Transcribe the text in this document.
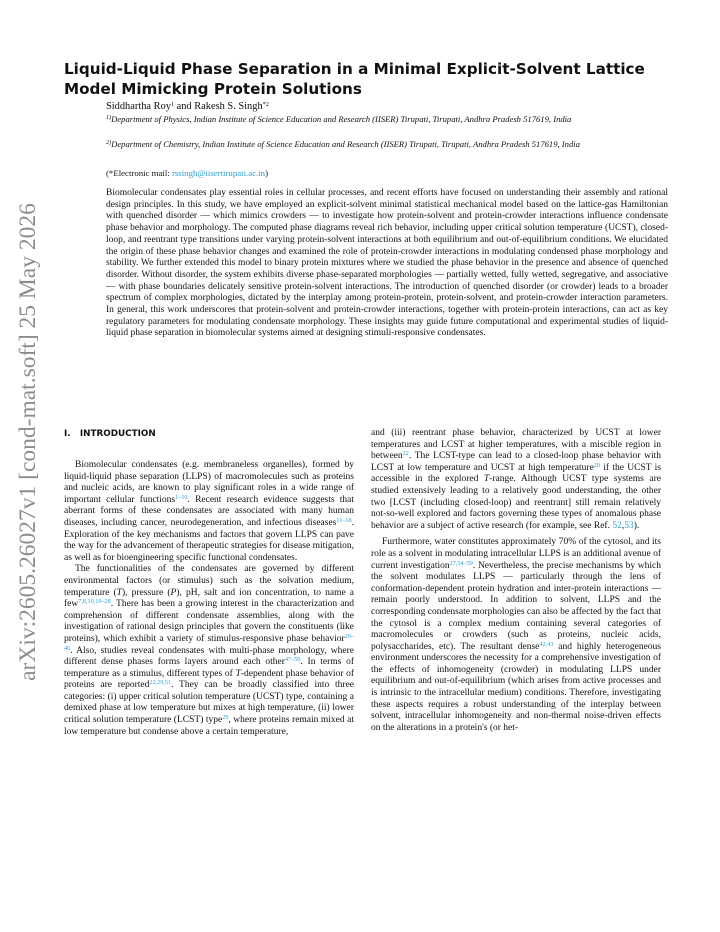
arXiv:2605.26027v1 [cond-mat.soft] 25 May 2026
Liquid-Liquid Phase Separation in a Minimal Explicit-Solvent Lattice Model Mimicking Protein Solutions
Siddhartha Roy$^1$ and Rakesh S. Singh$^{*2}$
$^{1)}$Department of Physics, Indian Institute of Science Education and Research (IISER) Tirupati, Tirupati, Andhra Pradesh 517619, India
$^{2)}$Department of Chemistry, Indian Institute of Science Education and Research (IISER) Tirupati, Tirupati, Andhra Pradesh 517619, India
(*Electronic mail: rssingh@iisertirupati.ac.in)

Biomolecular condensates play essential roles in cellular processes, and recent efforts have focused on understanding their assembly and rational design principles. In this study, we have employed an explicit-solvent minimal statistical mechanical model based on the lattice-gas Hamiltonian with quenched disorder — which mimics crowders — to investigate how protein-solvent and protein-crowder interactions influence condensate phase behavior and morphology. The computed phase diagrams reveal rich behavior, including upper critical solution temperature (UCST), closed-loop, and reentrant type transitions under varying protein-solvent interactions at both equilibrium and out-of-equilibrium conditions. We elucidated the origin of these phase behavior changes and examined the role of protein-crowder interactions in modulating condensed phase morphology and stability. We further extended this model to binary protein mixtures where we studied the phase behavior in the presence and absence of quenched disorder. Without disorder, the system exhibits diverse phase-separated morphologies — partially wetted, fully wetted, segregative, and associative — with phase boundaries delicately sensitive protein-solvent interactions. The introduction of quenched disorder (or crowder) leads to a broader spectrum of complex morphologies, dictated by the interplay among protein-protein, protein-solvent, and protein-crowder interaction parameters. In general, this work underscores that protein-solvent and protein-crowder interactions, together with protein-protein interactions, can act as key regulatory parameters for modulating condensate morphology. These insights may guide future computational and experimental studies of liquid-liquid phase separation in biomolecular systems aimed at designing stimuli-responsive condensates.

I. INTRODUCTION

Biomolecular condensates (e.g. membraneless organelles), formed by liquid-liquid phase separation (LLPS) of macromolecules such as proteins and nucleic acids, are known to play significant roles in a wide range of important cellular functions$^{1-10}$. Recent research evidence suggests that aberrant forms of these condensates are associated with many human diseases, including cancer, neurodegeneration, and infectious diseases$^{11-18}$. Exploration of the key mechanisms and factors that govern LLPS can pave the way for the advancement of therapeutic strategies for disease mitigation, as well as for bioengineering specific functional condensates.

The functionalities of the condensates are governed by different environmental factors (or stimulus) such as the solvation medium, temperature (T), pressure (P), pH, salt and ion concentration, to name a few$^{7,8,10,19-28}$. There has been a growing interest in the characterization and comprehension of different condensate assemblies, along with the investigation of rational design principles that govern the constituents (like proteins), which exhibit a variety of stimulus-responsive phase behavior$^{29-46}$. Also, studies reveal condensates with multi-phase morphology, where different dense phases forms layers around each other$^{47-50}$. In terms of temperature as a stimulus, different types of T-dependent phase behavior of proteins are reported$^{22,29,51}$. They can be broadly classified into three categories: (i) upper critical solution temperature (UCST) type, containing a demixed phase at low temperature but mixes at high temperature, (ii) lower critical solution temperature (LCST) type$^{29}$, where proteins remain mixed at low temperature but condense above a certain temperature,

and (iii) reentrant phase behavior, characterized by UCST at lower temperatures and LCST at higher temperatures, with a miscible region in between$^{22}$. The LCST-type can lead to a closed-loop phase behavior with LCST at low temperature and UCST at high temperature$^{20}$ if the UCST is accessible in the explored T-range. Although UCST type systems are studied extensively leading to a relatively good understanding, the other two [LCST (including closed-loop) and reentrant] still remain relatively not-so-well explored and factors governing these types of anomalous phase behavior are a subject of active research (for example, see Ref. 52,53).

Furthermore, water constitutes approximately 70% of the cytosol, and its role as a solvent in modulating intracellular LLPS is an additional avenue of current investigation$^{27,54-59}$. Nevertheless, the precise mechanisms by which the solvent modulates LLPS — particularly through the lens of conformation-dependent protein hydration and inter-protein interactions — remain poorly understood. In addition to solvent, LLPS and the corresponding condensate morphologies can also be affected by the fact that the cytosol is a complex medium containing several categories of macromolecules or crowders (such as proteins, nucleic acids, polysaccharides, etc). The resultant dense$^{42,43}$ and highly heterogeneous environment underscores the necessity for a comprehensive investigation of the effects of inhomogeneity (crowder) in modulating LLPS under equilibrium and out-of-equilibrium (which arises from active processes and is intrinsic to the intracellular medium) conditions. Therefore, investigating these aspects requires a robust understanding of the interplay between solvent, intracellular inhomogeneity and non-thermal noise-driven effects on the alterations in a protein's (or het-
